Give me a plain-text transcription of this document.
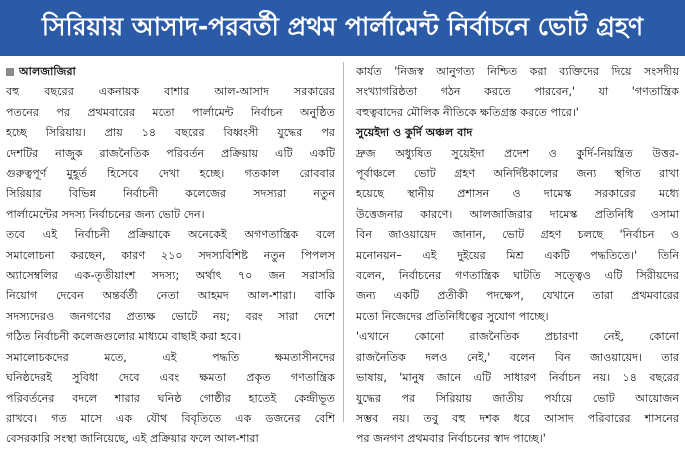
সিরিয়ায় আসাদ-পরবর্তী প্রথম পার্লামেন্ট নির্বাচনে ভোট গ্রহণ
আলজাজিরা
বহু বছরের একনায়ক বাশার আল-আসাদ সরকারের
পতনের পর প্রথমবারের মতো পার্লামেন্ট নির্বাচন অনুষ্ঠিত
হচ্ছে সিরিয়ায়। প্রায় ১৪ বছরের বিধ্বংসী যুদ্ধের পর
দেশটির নাজুক রাজনৈতিক পরিবর্তন প্রক্রিয়ায় এটি একটি
গুরুত্বপূর্ণ মুহূর্ত হিসেবে দেখা হচ্ছে। গতকাল রোববার
সিরিয়ার বিভিন্ন নির্বাচনী কলেজের সদস্যরা নতুন
পার্লামেন্টের সদস্য নির্বাচনের জন্য ভোট দেন।
তবে এই নির্বাচনী প্রক্রিয়াকে অনেকেই অগণতান্ত্রিক বলে
সমালোচনা করছেন, কারণ ২১০ সদস্যবিশিষ্ট নতুন পিপলস
অ্যাসেম্বলির এক-তৃতীয়াংশ সদস্য; অর্থাৎ ৭০ জন সরাসরি
নিয়োগ দেবেন অন্তর্বর্তী নেতা আহমদ আল-শারা। বাকি
সদস্যদেরও জনগণের প্রত্যক্ষ ভোটে নয়; বরং সারা দেশে
গঠিত নির্বাচনী কলেজগুলোর মাধ্যমে বাছাই করা হবে।
সমালোচকদের মতে, এই পদ্ধতি ক্ষমতাসীনদের
ঘনিষ্ঠদেরই সুবিধা দেবে এবং ক্ষমতা প্রকৃত গণতান্ত্রিক
পরিবর্তনের বদলে শারার ঘনিষ্ঠ গোষ্ঠীর হাতেই কেন্দ্রীভূত
রাখবে। গত মাসে এক যৌথ বিবৃতিতে এক ডজনের বেশি
বেসরকারি সংস্থা জানিয়েছে, এই প্রক্রিয়ার ফলে আল-শারা
কার্যত 'নিজস্ব আনুগত্য নিশ্চিত করা ব্যক্তিদের দিয়ে সংসদীয়
সংখ্যাগরিষ্ঠতা গঠন করতে পারবেন,' যা 'গণতান্ত্রিক
বহুত্ববাদের মৌলিক নীতিকে ক্ষতিগ্রস্ত করতে পারে।'
সুয়েইদা ও কুর্দি অঞ্চল বাদ
দ্রুজ অধ্যুষিত সুয়েইদা প্রদেশ ও কুর্দি-নিয়ন্ত্রিত উত্তর-
পূর্বাঞ্চলে ভোট গ্রহণ অনির্দিষ্টকালের জন্য স্থগিত রাখা
হয়েছে স্থানীয় প্রশাসন ও দামেস্ক সরকারের মধ্যে
উত্তেজনার কারণে। আলজাজিরার দামেস্ক প্রতিনিধি ওসামা
বিন জাওয়ায়েদ জানান, ভোট গ্রহণ চলছে 'নির্বাচন ও
মনোনয়ন– এই দুইয়ের মিশ্র একটি পদ্ধতিতে।' তিনি
বলেন, নির্বাচনের গণতান্ত্রিক ঘাটতি সত্ত্বেও এটি সিরীয়দের
জন্য একটি প্রতীকী পদক্ষেপ, যেখানে তারা প্রথমবারের
মতো নিজেদের প্রতিনিধিত্বের সুযোগ পাচ্ছে।
'এখানে কোনো রাজনৈতিক প্রচারণা নেই, কোনো
রাজনৈতিক দলও নেই,' বলেন বিন জাওয়ায়েদ। তার
ভাষায়, 'মানুষ জানে এটি সাধারণ নির্বাচন নয়। ১৪ বছরের
যুদ্ধের পর সিরিয়ায় জাতীয় পর্যায়ে ভোট আয়োজন
সম্ভব নয়। তবু বহু দশক ধরে আসাদ পরিবারের শাসনের
পর জনগণ প্রথমবার নির্বাচনের স্বাদ পাচ্ছে।'
